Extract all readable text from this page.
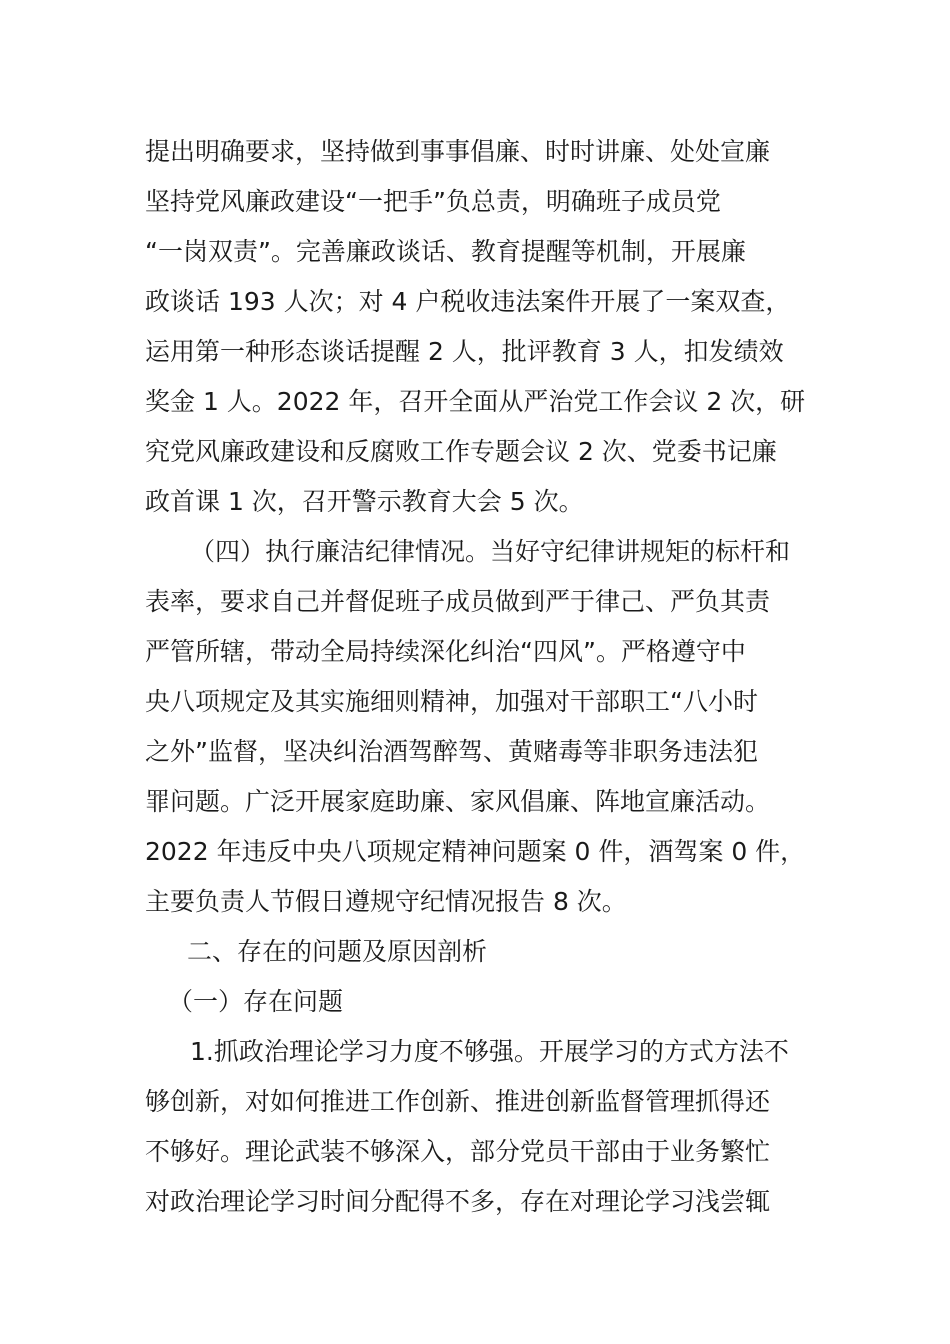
提出明确要求，坚持做到事事倡廉、时时讲廉、处处宣廉
坚持党风廉政建设“一把手”负总责，明确班子成员党
“一岗双责”。完善廉政谈话、教育提醒等机制，开展廉
政谈话 193 人次；对 4 户税收违法案件开展了一案双查，
运用第一种形态谈话提醒 2 人，批评教育 3 人，扣发绩效
奖金 1 人。2022 年，召开全面从严治党工作会议 2 次，研
究党风廉政建设和反腐败工作专题会议 2 次、党委书记廉
政首课 1 次，召开警示教育大会 5 次。
（四）执行廉洁纪律情况。当好守纪律讲规矩的标杆和
表率，要求自己并督促班子成员做到严于律己、严负其责
严管所辖，带动全局持续深化纠治“四风”。严格遵守中
央八项规定及其实施细则精神，加强对干部职工“八小时
之外”监督，坚决纠治酒驾醉驾、黄赌毒等非职务违法犯
罪问题。广泛开展家庭助廉、家风倡廉、阵地宣廉活动。
2022 年违反中央八项规定精神问题案 0 件，酒驾案 0 件，
主要负责人节假日遵规守纪情况报告 8 次。
二、存在的问题及原因剖析
（一）存在问题
1.抓政治理论学习力度不够强。开展学习的方式方法不
够创新，对如何推进工作创新、推进创新监督管理抓得还
不够好。理论武装不够深入，部分党员干部由于业务繁忙
对政治理论学习时间分配得不多，存在对理论学习浅尝辄
